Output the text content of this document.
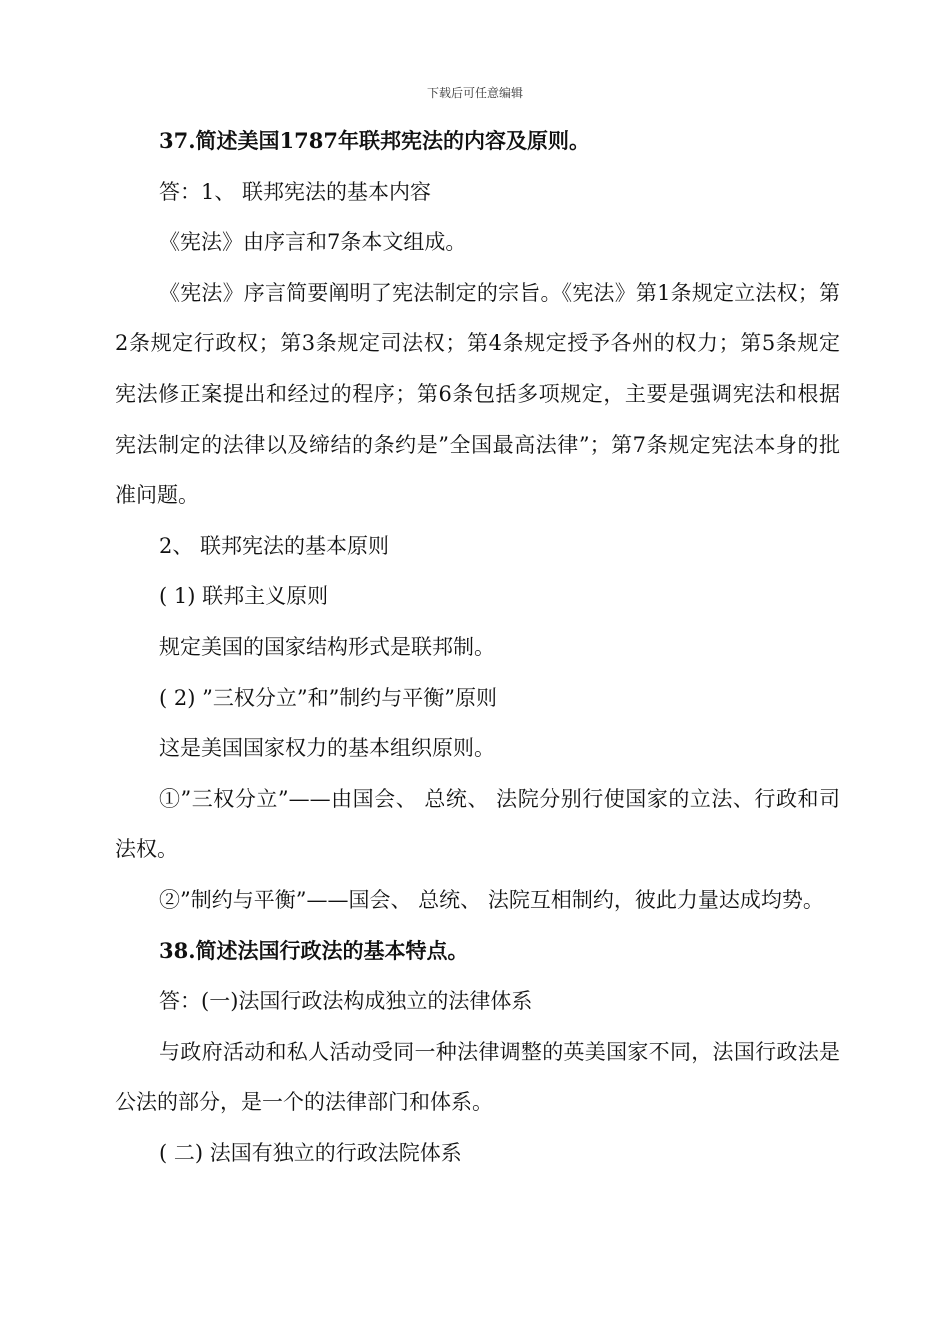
下载后可任意编辑

37.简述美国1787年联邦宪法的内容及原则。

答：1、 联邦宪法的基本内容

《宪法》由序言和7条本文组成。

《宪法》序言简要阐明了宪法制定的宗旨。《宪法》第1条规定立法权；第2条规定行政权；第3条规定司法权；第4条规定授予各州的权力；第5条规定宪法修正案提出和经过的程序；第6条包括多项规定，主要是强调宪法和根据宪法制定的法律以及缔结的条约是”全国最高法律”；第7条规定宪法本身的批准问题。

2、 联邦宪法的基本原则

( 1) 联邦主义原则

规定美国的国家结构形式是联邦制。

( 2) ”三权分立”和”制约与平衡”原则

这是美国国家权力的基本组织原则。

①”三权分立”——由国会、 总统、 法院分别行使国家的立法、行政和司法权。

②”制约与平衡”——国会、 总统、 法院互相制约，彼此力量达成均势。

38.简述法国行政法的基本特点。

答：(一)法国行政法构成独立的法律体系

与政府活动和私人活动受同一种法律调整的英美国家不同，法国行政法是公法的部分，是一个的法律部门和体系。

( 二) 法国有独立的行政法院体系
